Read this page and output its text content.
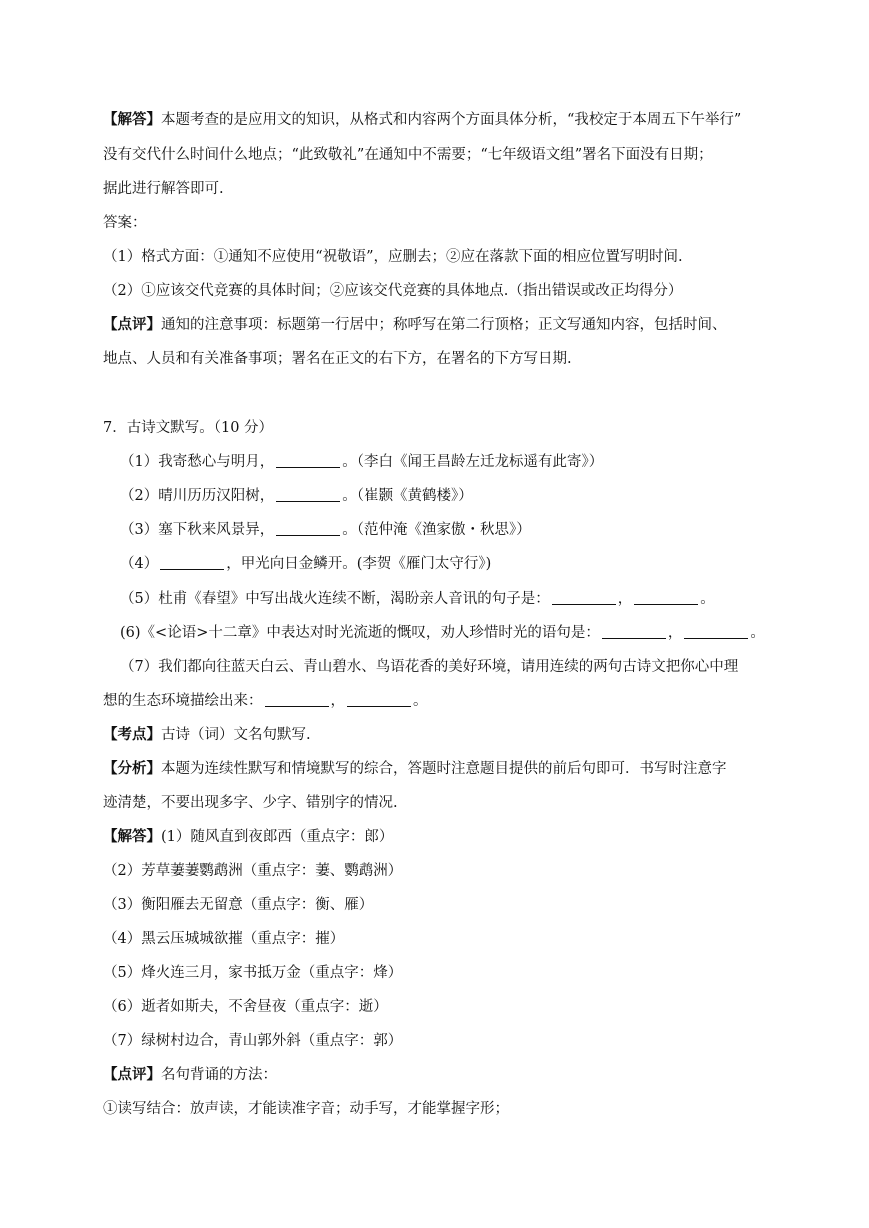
【解答】本题考查的是应用文的知识，从格式和内容两个方面具体分析，“我校定于本周五下午举行”
没有交代什么时间什么地点；“此致敬礼”在通知中不需要；“七年级语文组”署名下面没有日期；
据此进行解答即可.
答案：
（1）格式方面：①通知不应使用“祝敬语”，应删去；②应在落款下面的相应位置写明时间.
（2）①应该交代竞赛的具体时间；②应该交代竞赛的具体地点.（指出错误或改正均得分）
【点评】通知的注意事项：标题第一行居中；称呼写在第二行顶格；正文写通知内容，包括时间、
地点、人员和有关准备事项；署名在正文的右下方，在署名的下方写日期.
7．古诗文默写。（10 分）
（1）我寄愁心与明月，	。（李白《闻王昌龄左迁龙标遥有此寄》）
（2）晴川历历汉阳树，	。（崔颢《黄鹤楼》）
（3）塞下秋来风景异，	。（范仲淹《渔家傲・秋思》）
（4）	，甲光向日金鳞开。(李贺《雁门太守行》)
（5）杜甫《春望》中写出战火连续不断，渴盼亲人音讯的句子是：	，	。
(6)《<论语>十二章》中表达对时光流逝的慨叹，劝人珍惜时光的语句是：	，	。
（7）我们都向往蓝天白云、青山碧水、鸟语花香的美好环境，请用连续的两句古诗文把你心中理
想的生态环境描绘出来：	，	。
【考点】古诗（词）文名句默写.
【分析】本题为连续性默写和情境默写的综合，答题时注意题目提供的前后句即可．书写时注意字
迹清楚，不要出现多字、少字、错别字的情况.
【解答】(1）随风直到夜郎西（重点字：郎）
（2）芳草萋萋鹦鹉洲（重点字：萋、鹦鹉洲）
（3）衡阳雁去无留意（重点字：衡、雁）
（4）黑云压城城欲摧（重点字：摧）
（5）烽火连三月，家书抵万金（重点字：烽）
（6）逝者如斯夫，不舍昼夜（重点字：逝）
（7）绿树村边合，青山郭外斜（重点字：郭）
【点评】名句背诵的方法：
①读写结合：放声读，才能读准字音；动手写，才能掌握字形；
